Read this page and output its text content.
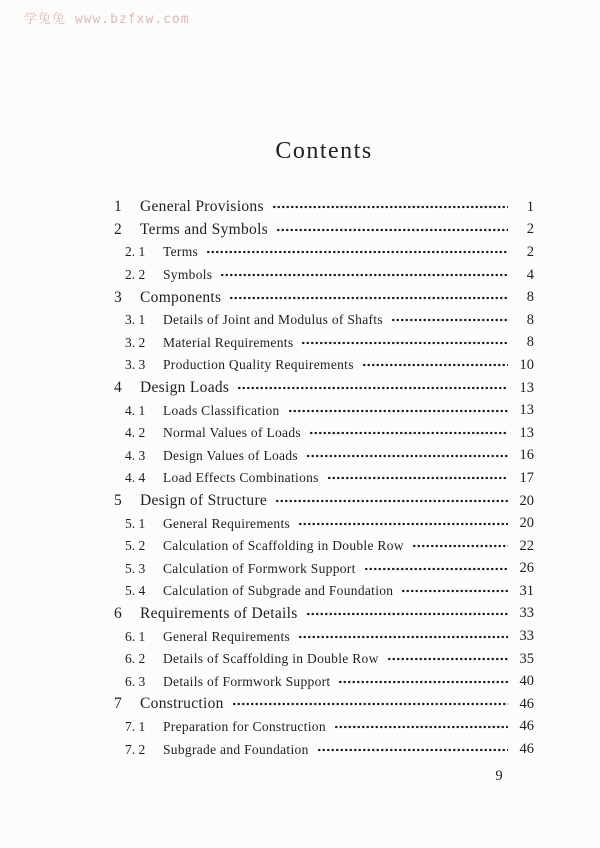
学兔兔 www.bzfxw.com
Contents
1	General Provisions	1
2	Terms and Symbols	2
2. 1	Terms	2
2. 2	Symbols	4
3	Components	8
3. 1	Details of Joint and Modulus of Shafts	8
3. 2	Material Requirements	8
3. 3	Production Quality Requirements	10
4	Design Loads	13
4. 1	Loads Classification	13
4. 2	Normal Values of Loads	13
4. 3	Design Values of Loads	16
4. 4	Load Effects Combinations	17
5	Design of Structure	20
5. 1	General Requirements	20
5. 2	Calculation of Scaffolding in Double Row	22
5. 3	Calculation of Formwork Support	26
5. 4	Calculation of Subgrade and Foundation	31
6	Requirements of Details	33
6. 1	General Requirements	33
6. 2	Details of Scaffolding in Double Row	35
6. 3	Details of Formwork Support	40
7	Construction	46
7. 1	Preparation for Construction	46
7. 2	Subgrade and Foundation	46
9
